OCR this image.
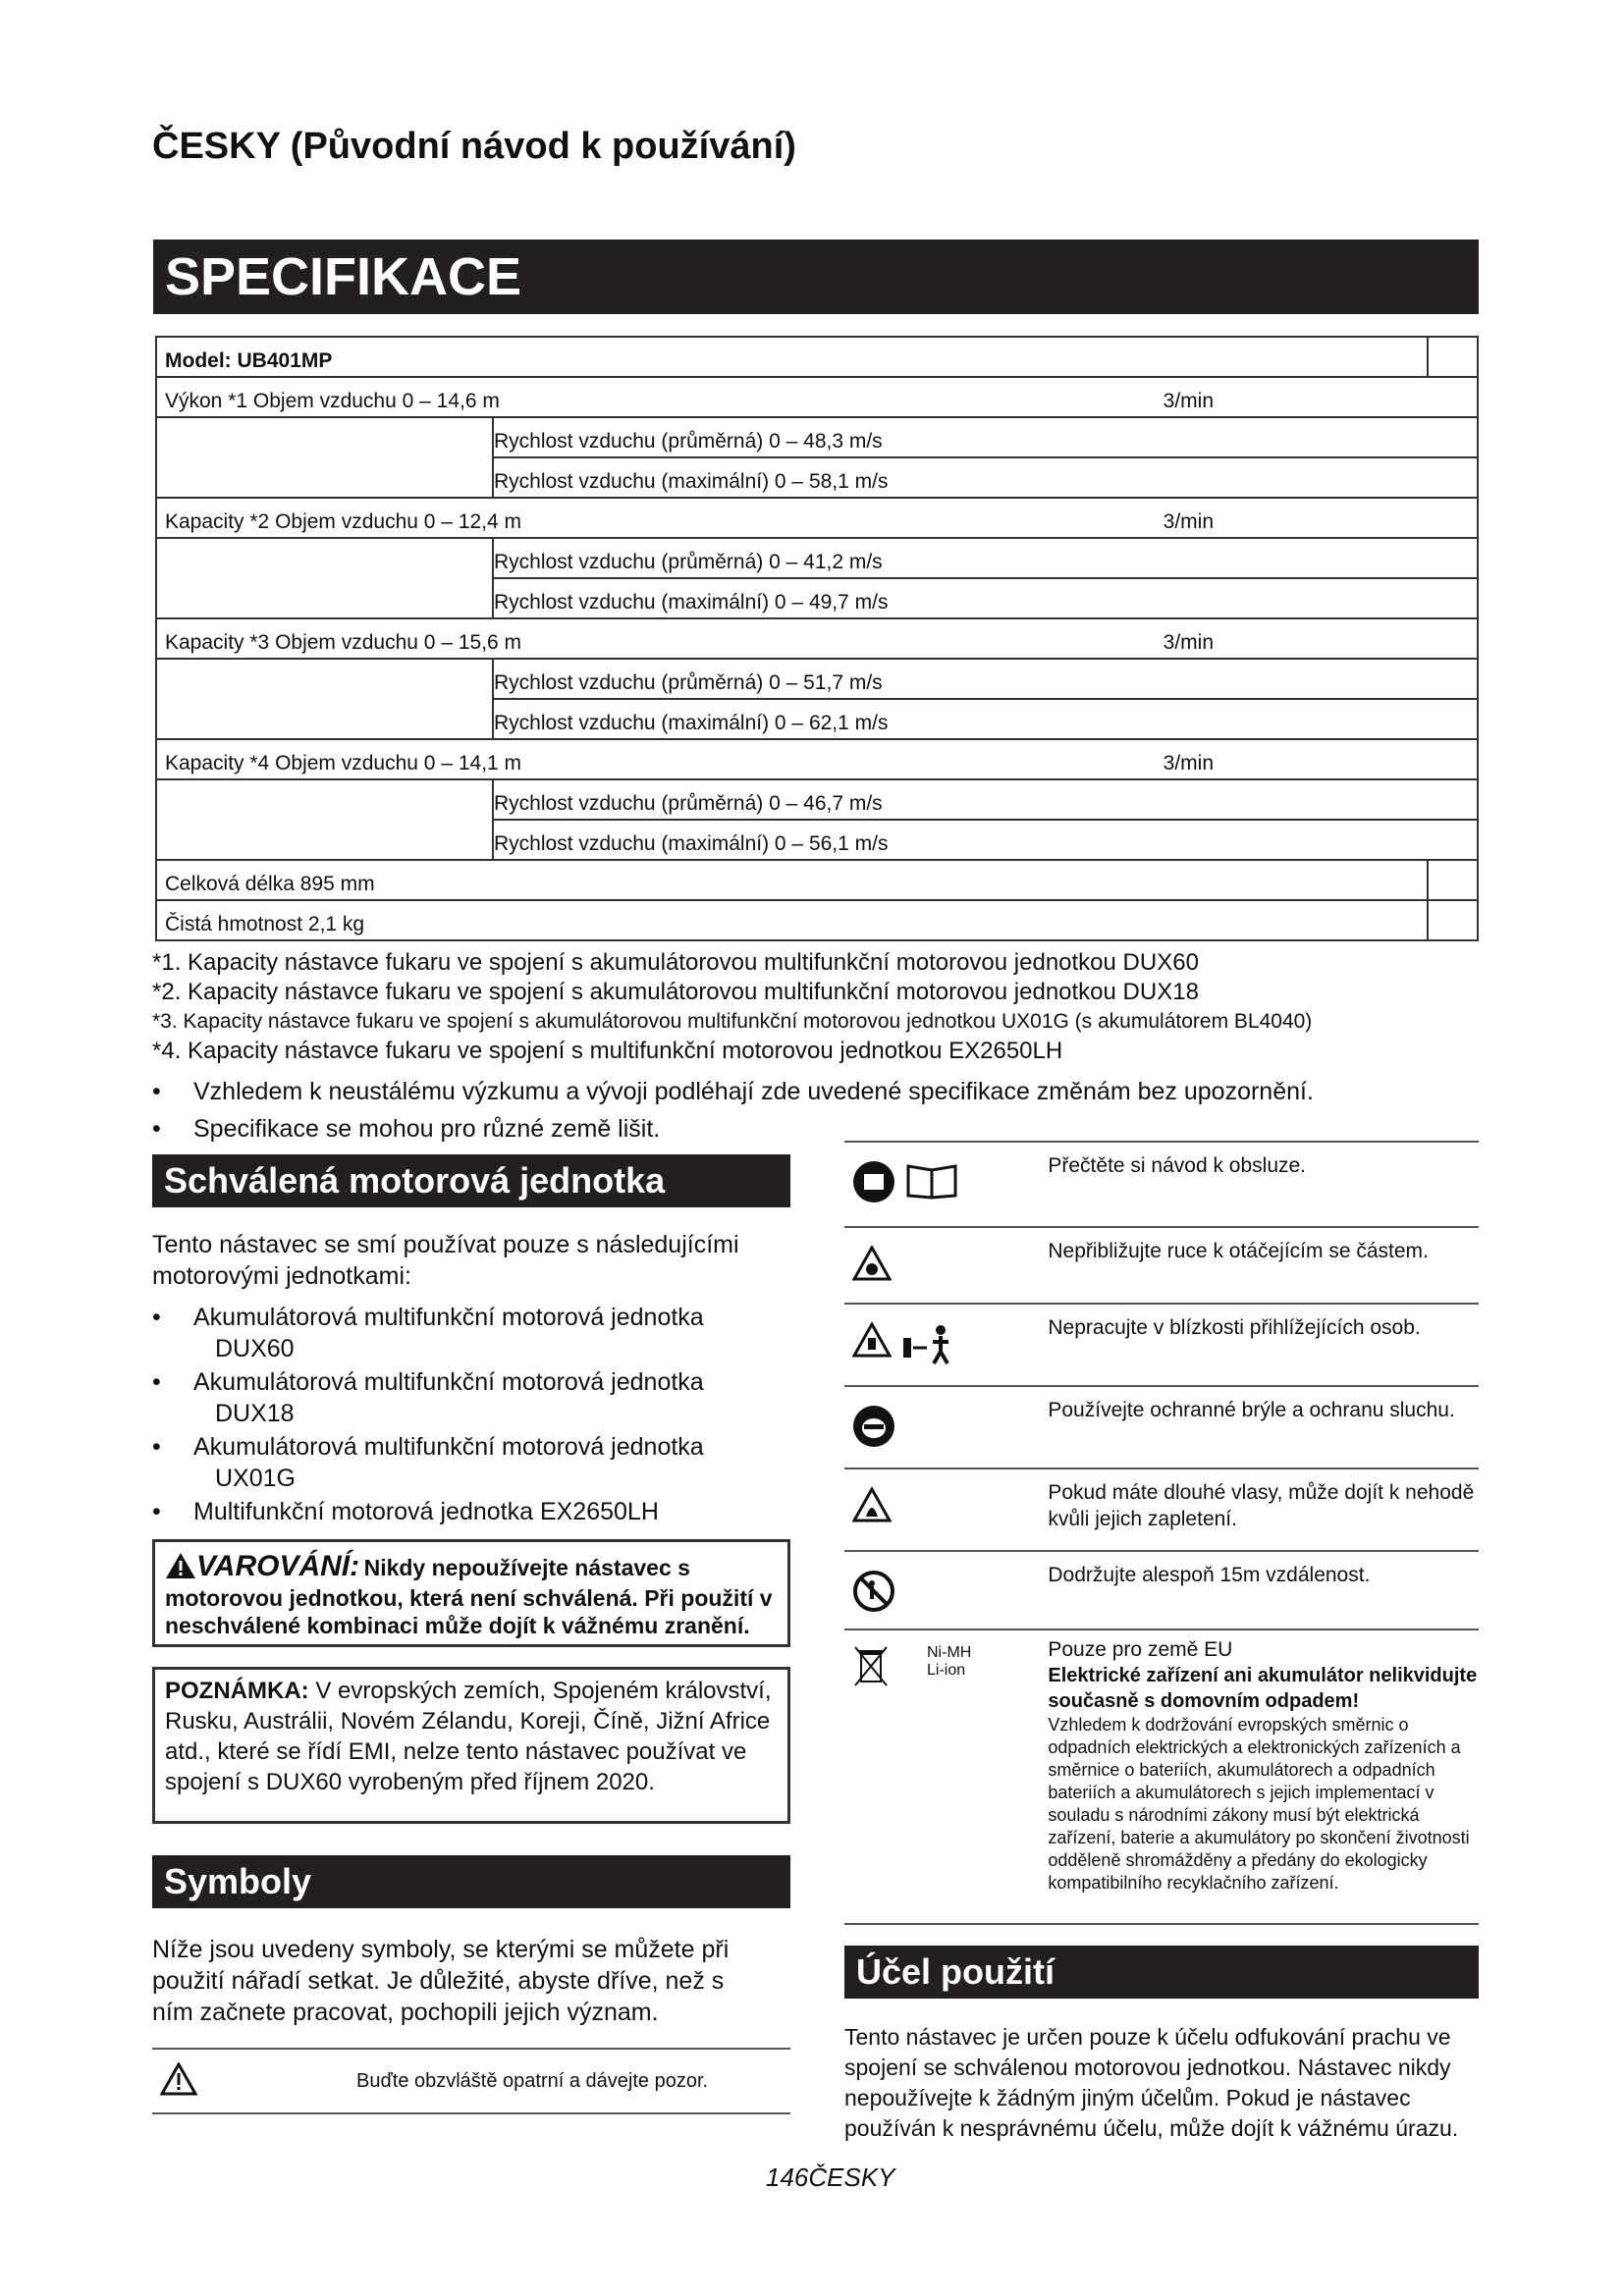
ČESKY (Původní návod k používání)
SPECIFIKACE
Model: UB401MP		
Výkon *1 Objem vzduchu 0 – 14,6 m 3/min		

	Rychlost vzduchu (průměrná) 0 – 48,3 m/s	
	Rychlost vzduchu (maximální) 0 – 58,1 m/s	
Kapacity *2 Objem vzduchu 0 – 12,4 m 3/min		

	Rychlost vzduchu (průměrná) 0 – 41,2 m/s	
	Rychlost vzduchu (maximální) 0 – 49,7 m/s	
Kapacity *3 Objem vzduchu 0 – 15,6 m 3/min		

	Rychlost vzduchu (průměrná) 0 – 51,7 m/s	
	Rychlost vzduchu (maximální) 0 – 62,1 m/s	
Kapacity *4 Objem vzduchu 0 – 14,1 m 3/min		

	Rychlost vzduchu (průměrná) 0 – 46,7 m/s	
	Rychlost vzduchu (maximální) 0 – 56,1 m/s	
Celková délka 895 mm		
Čistá hmotnost 2,1 kg		
*1. Kapacity nástavce fukaru ve spojení s akumulátorovou multifunkční motorovou jednotkou DUX60
*2. Kapacity nástavce fukaru ve spojení s akumulátorovou multifunkční motorovou jednotkou DUX18
*3. Kapacity nástavce fukaru ve spojení s akumulátorovou multifunkční motorovou jednotkou UX01G (s akumulátorem BL4040)
*4. Kapacity nástavce fukaru ve spojení s multifunkční motorovou jednotkou EX2650LH
• Vzhledem k neustálému výzkumu a vývoji podléhají zde uvedené specifikace změnám bez upozornění.
• Specifikace se mohou pro různé země lišit.
Schválená motorová jednotka
Tento nástavec se smí používat pouze s následujícími motorovými jednotkami:
• Akumulátorová multifunkční motorová jednotka
DUX60
• Akumulátorová multifunkční motorová jednotka
DUX18
• Akumulátorová multifunkční motorová jednotka
UX01G
• Multifunkční motorová jednotka EX2650LH
VAROVÁNÍ: Nikdy nepoužívejte nástavec s motorovou jednotkou, která není schválená. Při použití v neschválené kombinaci může dojít k vážnému zranění.
POZNÁMKA: V evropských zemích, Spojeném království, Rusku, Austrálii, Novém Zélandu, Koreji, Číně, Jižní Africe atd., které se řídí EMI, nelze tento nástavec používat ve spojení s DUX60 vyrobeným před říjnem 2020.
Symboly
Níže jsou uvedeny symboly, se kterými se můžete při použití nářadí setkat. Je důležité, abyste dříve, než s ním začnete pracovat, pochopili jejich význam.
Buďte obzvláště opatrní a dávejte pozor.
Přečtěte si návod k obsluze.
Nepřibližujte ruce k otáčejícím se částem.
Nepracujte v blízkosti přihlížejících osob.
Používejte ochranné brýle a ochranu sluchu.
Pokud máte dlouhé vlasy, může dojít k nehodě kvůli jejich zapletení.
Dodržujte alespoň 15m vzdálenost.
Ni-MH
Li-ion
Pouze pro země EU
Elektrické zařízení ani akumulátor nelikvidujte současně s domovním odpadem!
Vzhledem k dodržování evropských směrnic o odpadních elektrických a elektronických zařízeních a směrnice o bateriích, akumulátorech a odpadních bateriích a akumulátorech s jejich implementací v souladu s národními zákony musí být elektrická zařízení, baterie a akumulátory po skončení životnosti odděleně shromážděny a předány do ekologicky kompatibilního recyklačního zařízení.
Účel použití
Tento nástavec je určen pouze k účelu odfukování prachu ve spojení se schválenou motorovou jednotkou. Nástavec nikdy nepoužívejte k žádným jiným účelům. Pokud je nástavec používán k nesprávnému účelu, může dojít k vážnému úrazu.
146ČESKY
